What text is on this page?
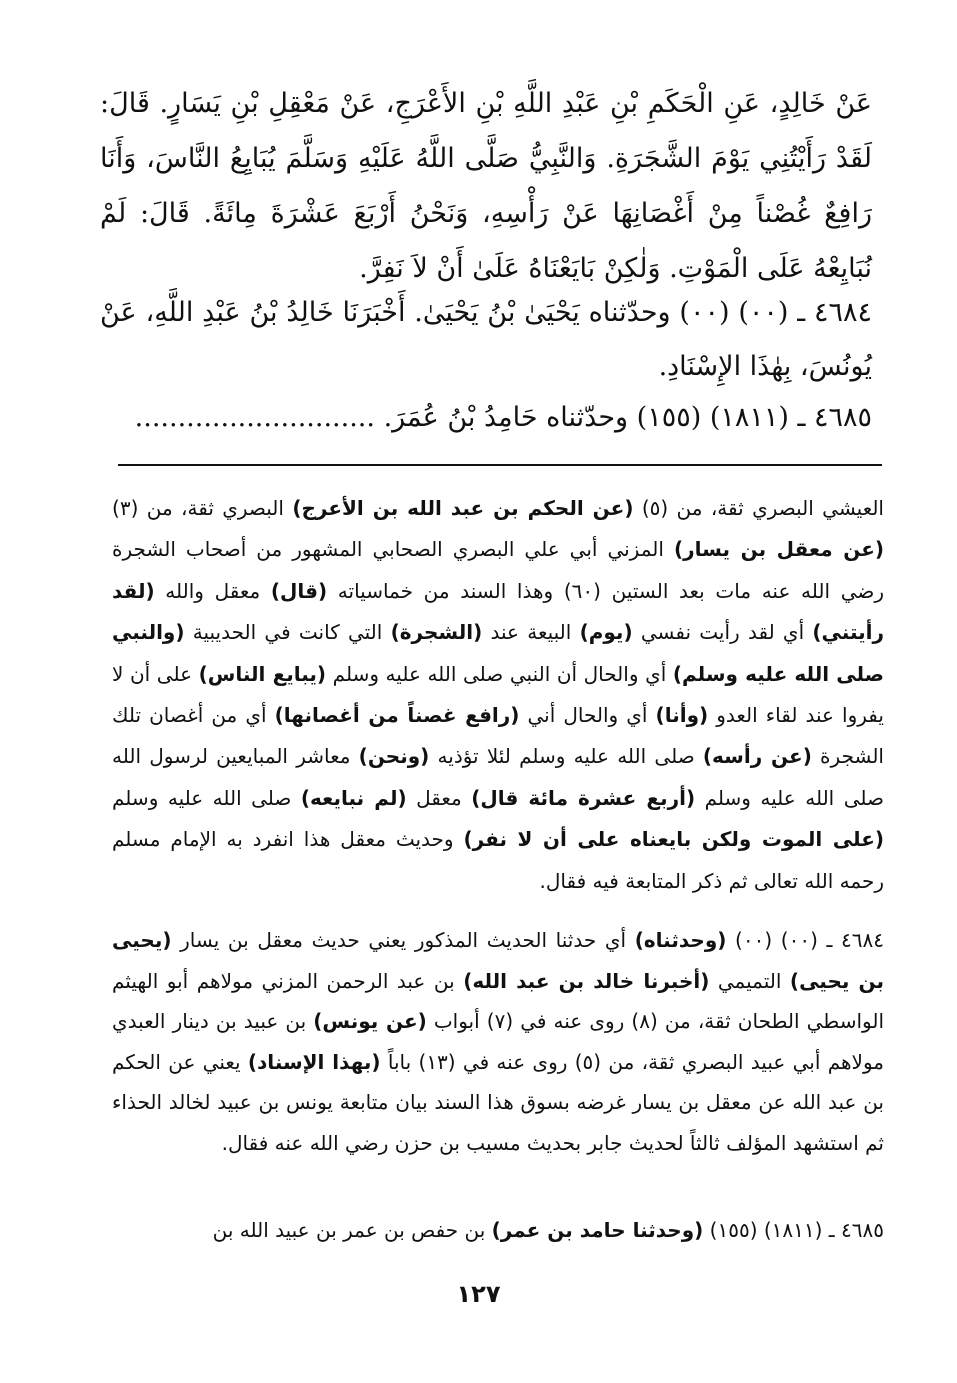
عَنْ خَالِدٍ، عَنِ الْحَكَمِ بْنِ عَبْدِ اللَّهِ بْنِ الأَعْرَجِ، عَنْ مَعْقِلِ بْنِ يَسَارٍ. قَالَ: لَقَدْ رَأَيْتُنِي يَوْمَ الشَّجَرَةِ. وَالنَّبِيُّ صَلَّى اللَّهُ عَلَيْهِ وَسَلَّمَ يُبَايِعُ النَّاسَ، وَأَنَا رَافِعٌ غُصْناً مِنْ أَغْصَانِهَا عَنْ رَأْسِهِ، وَنَحْنُ أَرْبَعَ عَشْرَةَ مِائَةً. قَالَ: لَمْ نُبَايِعْهُ عَلَى الْمَوْتِ. وَلٰكِنْ بَايَعْنَاهُ عَلَىٰ أَنْ لاَ نَفِرَّ.
٤٦٨٤ ـ (٠٠) (٠٠) وحدّثناه يَحْيَىٰ بْنُ يَحْيَىٰ. أَخْبَرَنَا خَالِدُ بْنُ عَبْدِ اللَّهِ، عَنْ يُونُسَ، بِهٰذَا الإِسْنَادِ.
٤٦٨٥ ـ (١٨١١) (١٥٥) وحدّثناه حَامِدُ بْنُ عُمَرَ. ............................
العيشي البصري ثقة، من (٥) (عن الحكم بن عبد الله بن الأعرج) البصري ثقة، من (٣) (عن معقل بن يسار) المزني أبي علي البصري الصحابي المشهور من أصحاب الشجرة رضي الله عنه مات بعد الستين (٦٠) وهذا السند من خماسياته (قال) معقل والله (لقد رأيتني) أي لقد رأيت نفسي (يوم) البيعة عند (الشجرة) التي كانت في الحديبية (والنبي صلى الله عليه وسلم) أي والحال أن النبي صلى الله عليه وسلم (يبايع الناس) على أن لا يفروا عند لقاء العدو (وأنا) أي والحال أني (رافع غصناً من أغصانها) أي من أغصان تلك الشجرة (عن رأسه) صلى الله عليه وسلم لئلا تؤذيه (ونحن) معاشر المبايعين لرسول الله صلى الله عليه وسلم (أربع عشرة مائة قال) معقل (لم نبايعه) صلى الله عليه وسلم (على الموت ولكن بايعناه على أن لا نفر) وحديث معقل هذا انفرد به الإمام مسلم رحمه الله تعالى ثم ذكر المتابعة فيه فقال.
٤٦٨٤ ـ (٠٠) (٠٠) (وحدثناه) أي حدثنا الحديث المذكور يعني حديث معقل بن يسار (يحيى بن يحيى) التميمي (أخبرنا خالد بن عبد الله) بن عبد الرحمن المزني مولاهم أبو الهيثم الواسطي الطحان ثقة، من (٨) روى عنه في (٧) أبواب (عن يونس) بن عبيد بن دينار العبدي مولاهم أبي عبيد البصري ثقة، من (٥) روى عنه في (١٣) باباً (بهذا الإسناد) يعني عن الحكم بن عبد الله عن معقل بن يسار غرضه بسوق هذا السند بيان متابعة يونس بن عبيد لخالد الحذاء ثم استشهد المؤلف ثالثاً لحديث جابر بحديث مسيب بن حزن رضي الله عنه فقال.
٤٦٨٥ ـ (١٨١١) (١٥٥) (وحدثنا حامد بن عمر) بن حفص بن عمر بن عبيد الله بن
١٢٧
